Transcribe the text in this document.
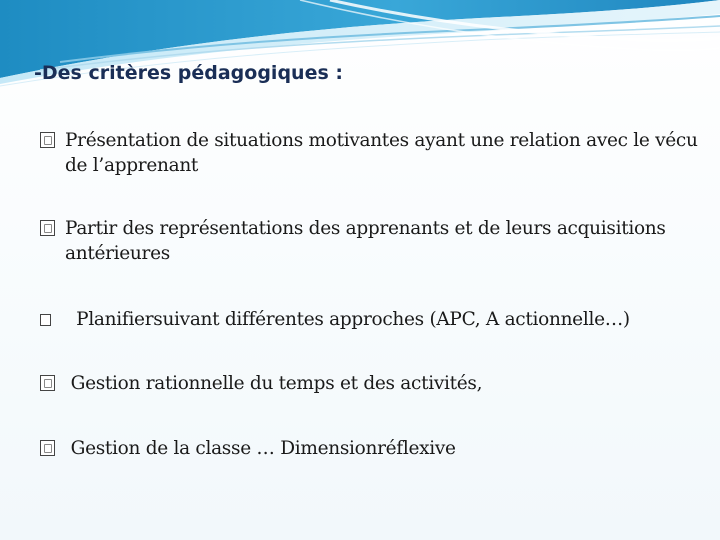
-Des critères pédagogiques :
Présentation de situations motivantes ayant une relation avec le vécu de l’apprenant
Partir des représentations des apprenants et de leurs acquisitions antérieures
Planifiersuivant différentes approches (APC, A actionnelle…)
Gestion rationnelle du temps et des activités,
Gestion de la classe … Dimensionréflexive
